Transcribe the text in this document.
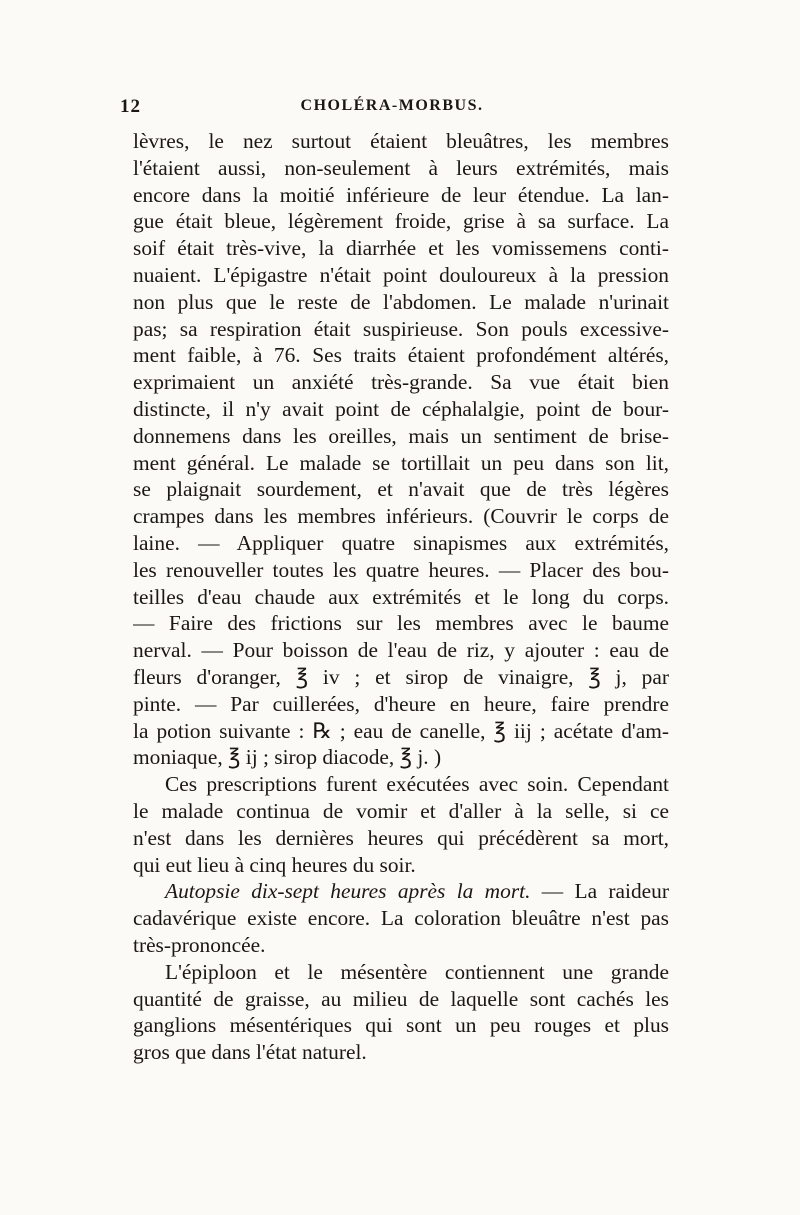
12	CHOLÉRA-MORBUS.
lèvres, le nez surtout étaient bleuâtres, les membres
l'étaient aussi, non-seulement à leurs extrémités, mais
encore dans la moitié inférieure de leur étendue. La lan-
gue était bleue, légèrement froide, grise à sa surface. La
soif était très-vive, la diarrhée et les vomissemens conti-
nuaient. L'épigastre n'était point douloureux à la pression
non plus que le reste de l'abdomen. Le malade n'urinait
pas; sa respiration était suspirieuse. Son pouls excessive-
ment faible, à 76. Ses traits étaient profondément altérés,
exprimaient un anxiété très-grande. Sa vue était bien
distincte, il n'y avait point de céphalalgie, point de bour-
donnemens dans les oreilles, mais un sentiment de brise-
ment général. Le malade se tortillait un peu dans son lit,
se plaignait sourdement, et n'avait que de très légères
crampes dans les membres inférieurs. (Couvrir le corps de
laine. — Appliquer quatre sinapismes aux extrémités,
les renouveller toutes les quatre heures. — Placer des bou-
teilles d'eau chaude aux extrémités et le long du corps.
— Faire des frictions sur les membres avec le baume
nerval. — Pour boisson de l'eau de riz, y ajouter : eau de
fleurs d'oranger, ℥ iv ; et sirop de vinaigre, ℥ j, par
pinte. — Par cuillerées, d'heure en heure, faire prendre
la potion suivante : ℞ ; eau de canelle, ℥ iij ; acétate d'am-
moniaque, ℥ ij ; sirop diacode, ℥ j. )
Ces prescriptions furent exécutées avec soin. Cependant
le malade continua de vomir et d'aller à la selle, si ce
n'est dans les dernières heures qui précédèrent sa mort,
qui eut lieu à cinq heures du soir.
Autopsie dix-sept heures après la mort. — La raideur
cadavérique existe encore. La coloration bleuâtre n'est pas
très-prononcée.
L'épiploon et le mésentère contiennent une grande
quantité de graisse, au milieu de laquelle sont cachés les
ganglions mésentériques qui sont un peu rouges et plus
gros que dans l'état naturel.
